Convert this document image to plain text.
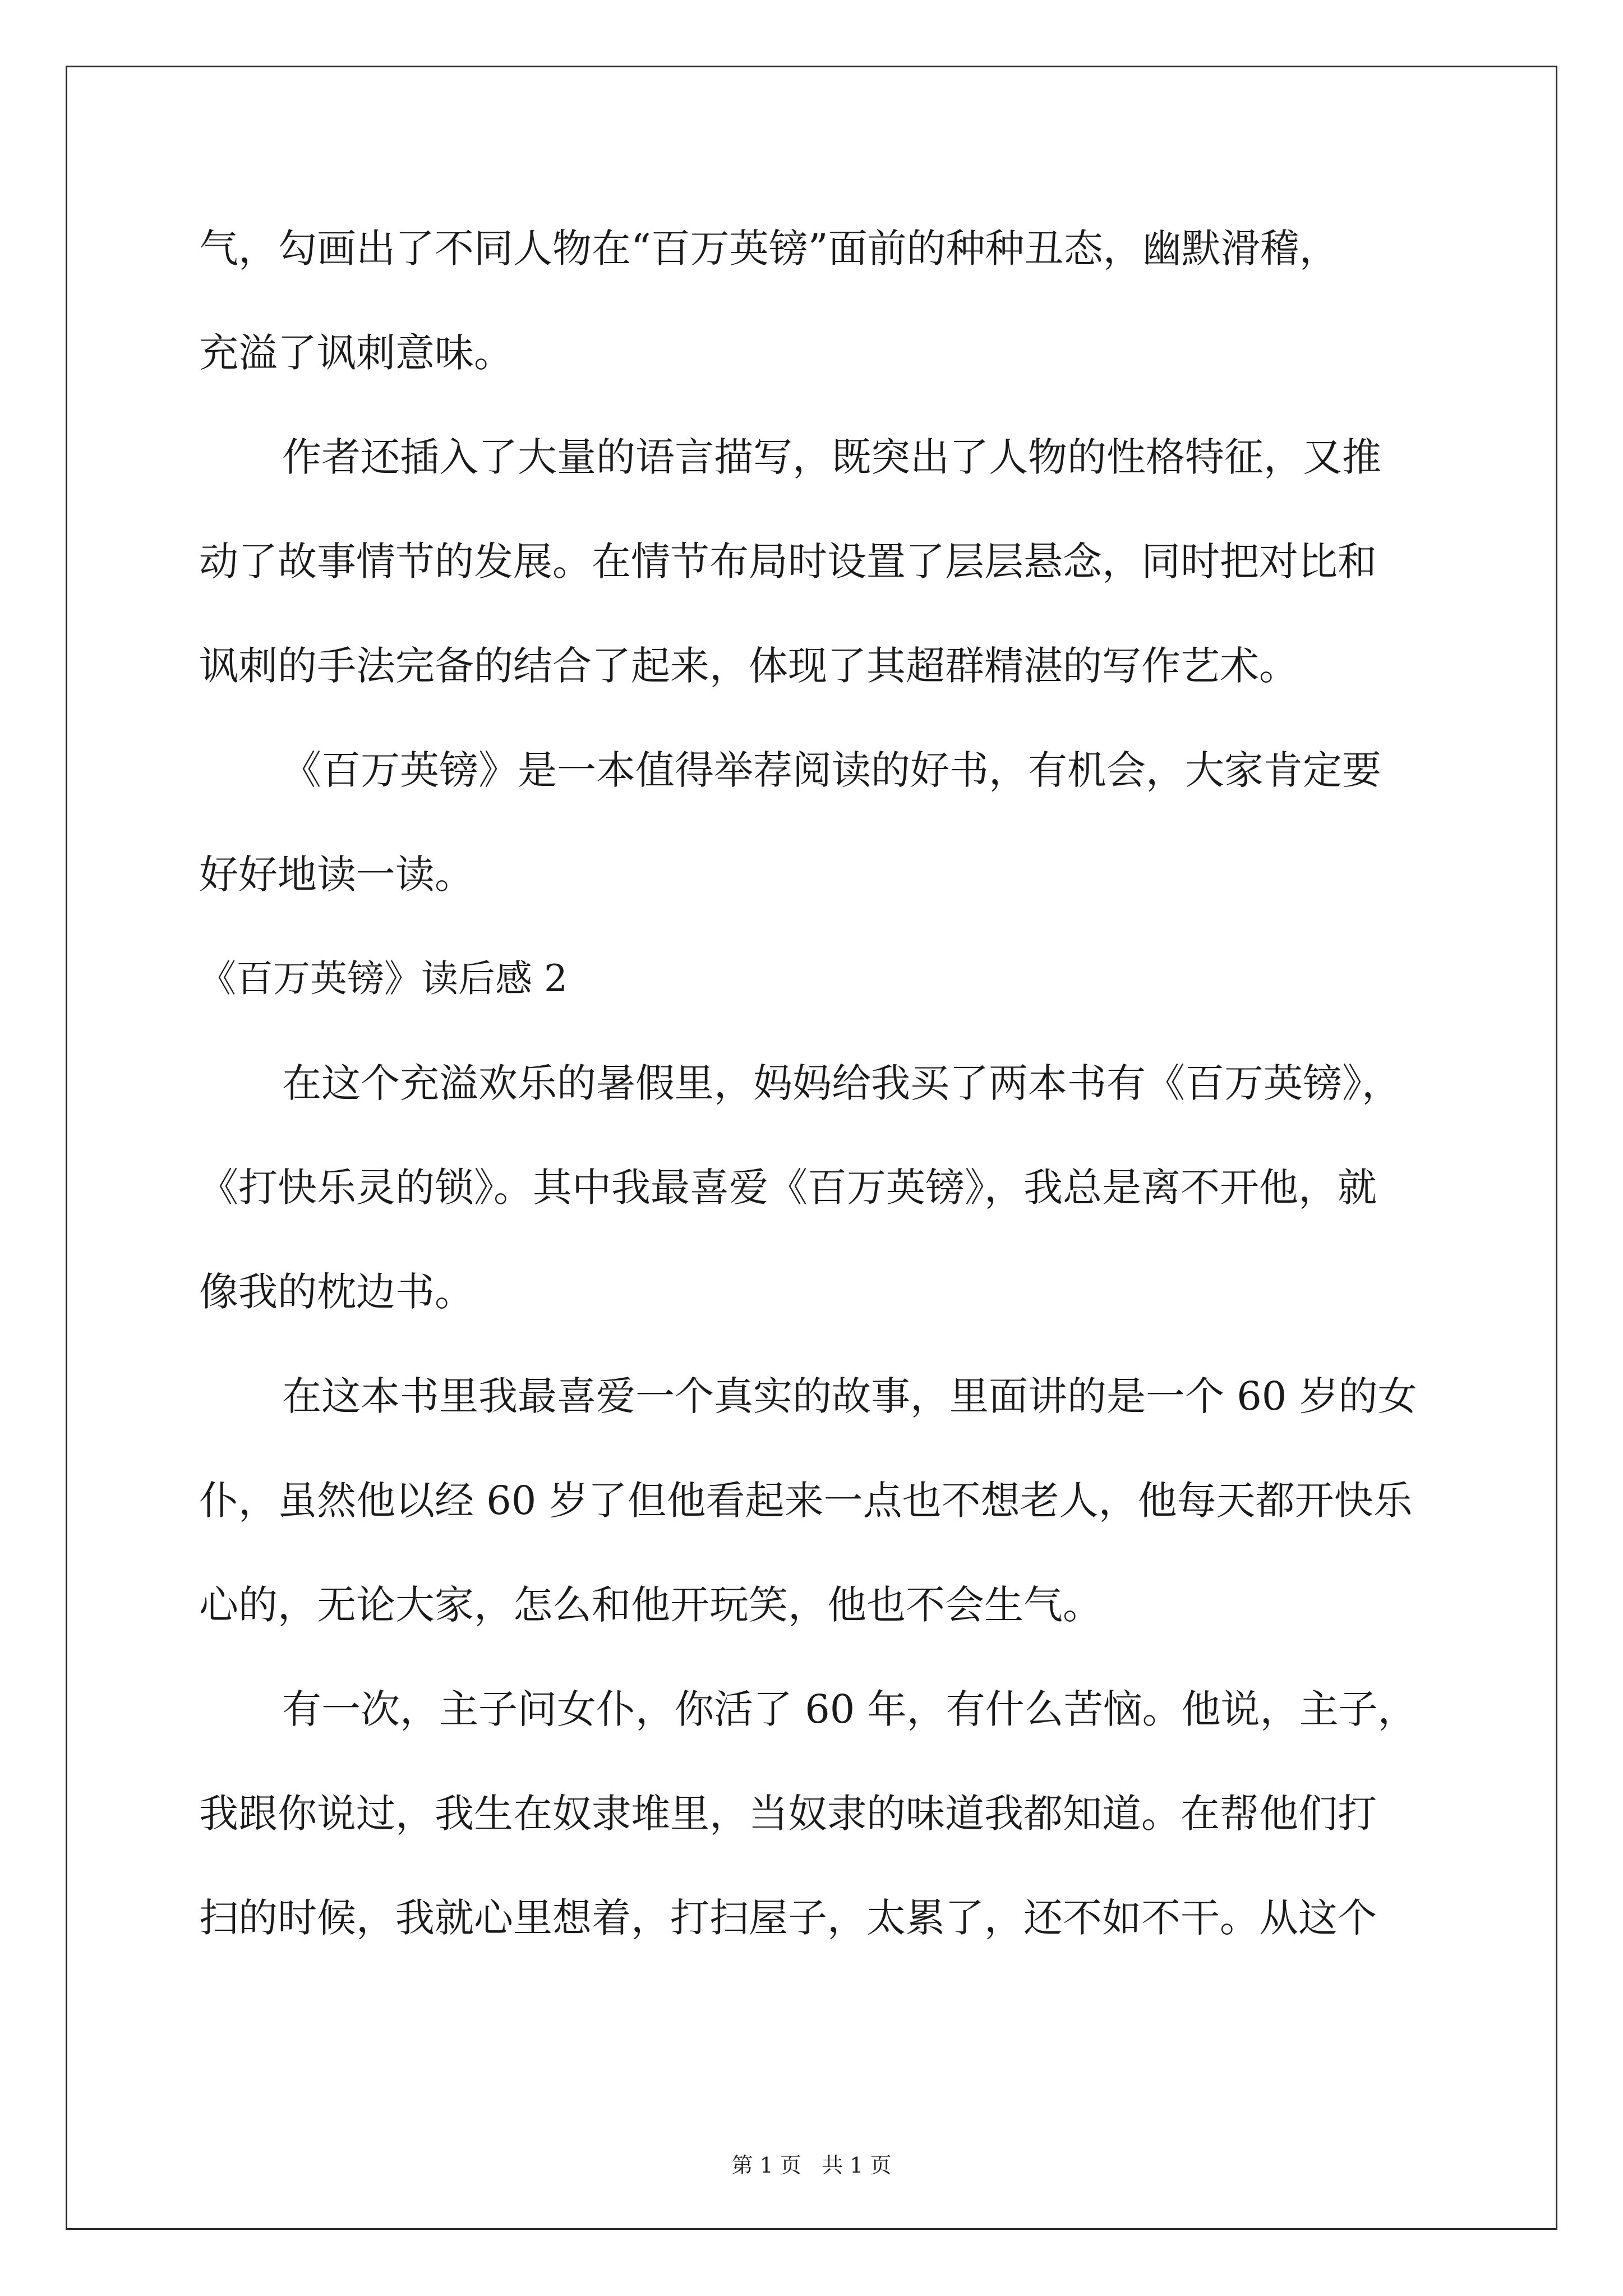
气，勾画出了不同人物在“百万英镑”面前的种种丑态，幽默滑稽，
充溢了讽刺意味。
作者还插入了大量的语言描写，既突出了人物的性格特征，又推
动了故事情节的发展。在情节布局时设置了层层悬念，同时把对比和
讽刺的手法完备的结合了起来，体现了其超群精湛的写作艺术。
《百万英镑》是一本值得举荐阅读的好书，有机会，大家肯定要
好好地读一读。
《百万英镑》读后感 2
在这个充溢欢乐的暑假里，妈妈给我买了两本书有《百万英镑》，
《打快乐灵的锁》。其中我最喜爱《百万英镑》，我总是离不开他，就
像我的枕边书。
在这本书里我最喜爱一个真实的故事，里面讲的是一个 60 岁的女
仆，虽然他以经 60 岁了但他看起来一点也不想老人，他每天都开快乐
心的，无论大家，怎么和他开玩笑，他也不会生气。
有一次，主子问女仆，你活了 60 年，有什么苦恼。他说，主子，
我跟你说过，我生在奴隶堆里，当奴隶的味道我都知道。在帮他们打
扫的时候，我就心里想着，打扫屋子，太累了，还不如不干。从这个
第 1 页   共 1 页
